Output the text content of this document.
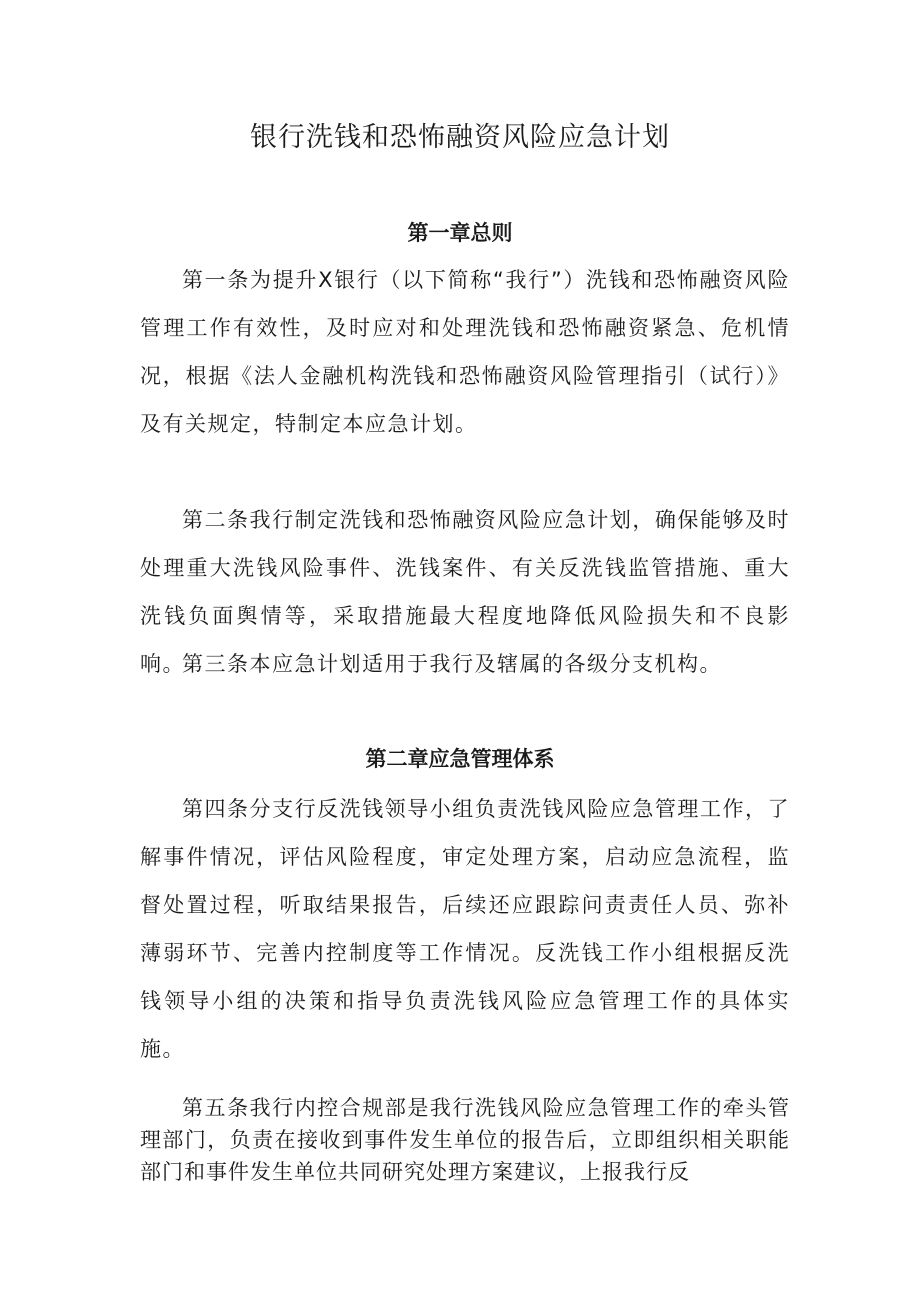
银行洗钱和恐怖融资风险应急计划
第一章总则

第一条为提升X银行（以下简称“我行”）洗钱和恐怖融资风险管理工作有效性，及时应对和处理洗钱和恐怖融资紧急、危机情况，根据《法人金融机构洗钱和恐怖融资风险管理指引（试行）》及有关规定，特制定本应急计划。

第二条我行制定洗钱和恐怖融资风险应急计划，确保能够及时处理重大洗钱风险事件、洗钱案件、有关反洗钱监管措施、重大洗钱负面舆情等，采取措施最大程度地降低风险损失和不良影响。

第三条本应急计划适用于我行及辖属的各级分支机构。

第二章应急管理体系

第四条分支行反洗钱领导小组负责洗钱风险应急管理工作，了解事件情况，评估风险程度，审定处理方案，启动应急流程，监督处置过程，听取结果报告，后续还应跟踪问责责任人员、弥补薄弱环节、完善内控制度等工作情况。反洗钱工作小组根据反洗钱领导小组的决策和指导负责洗钱风险应急管理工作的具体实施。

第五条我行内控合规部是我行洗钱风险应急管理工作的牵头管理部门，负责在接收到事件发生单位的报告后，立即组织相关职能部门和事件发生单位共同研究处理方案建议，上报我行反
